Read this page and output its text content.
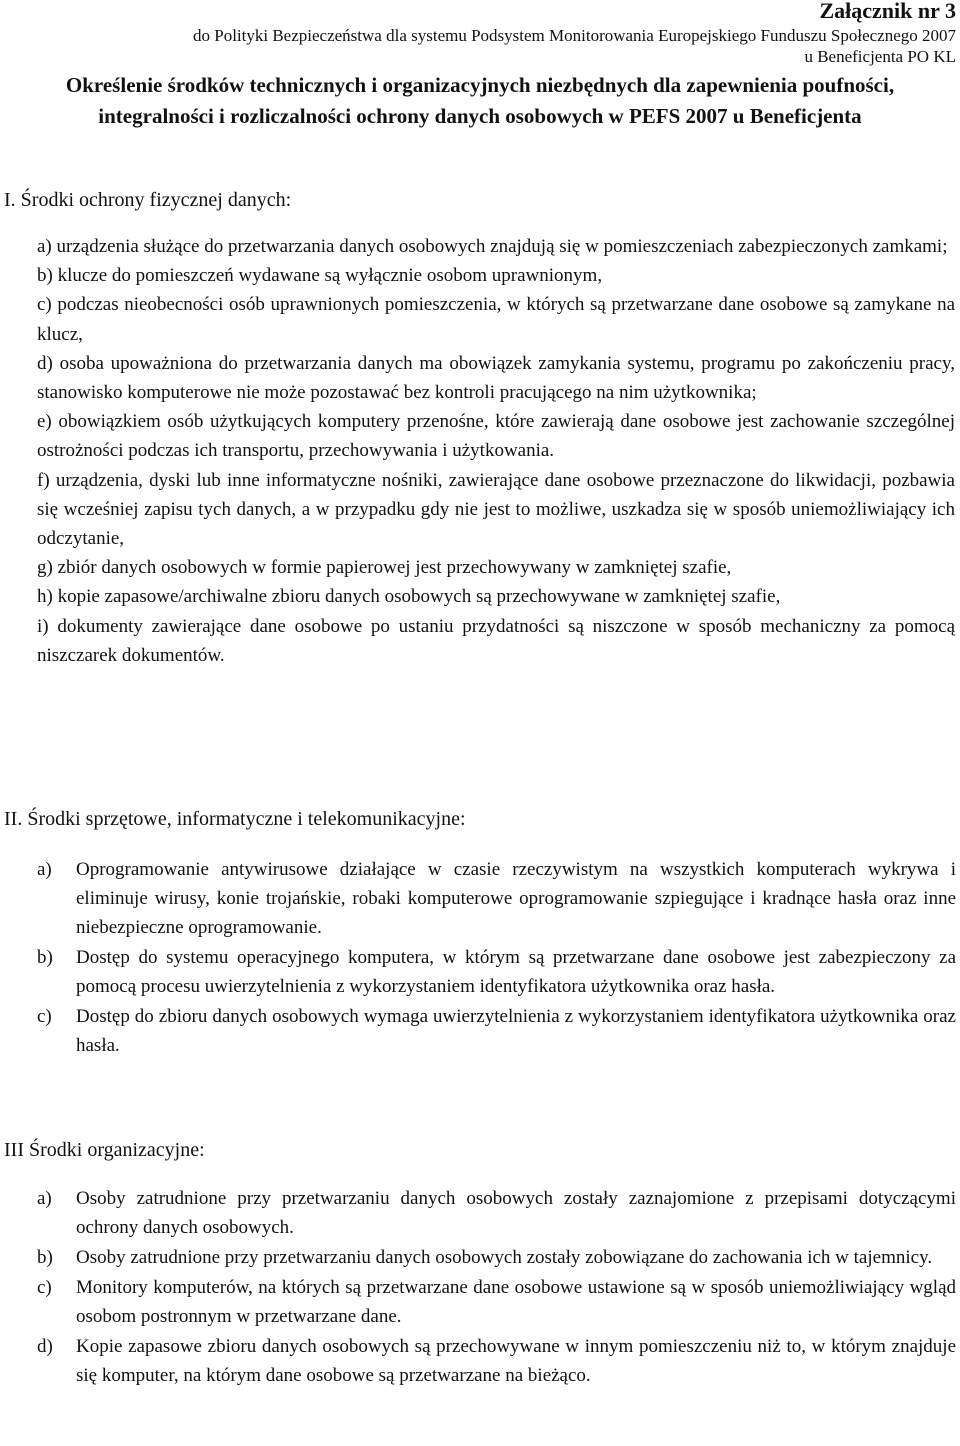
Załącznik nr 3
do Polityki Bezpieczeństwa dla systemu Podsystem Monitorowania Europejskiego Funduszu Społecznego 2007
u Beneficjenta PO KL
Określenie środków technicznych i organizacyjnych niezbędnych dla zapewnienia poufności, integralności i rozliczalności ochrony danych osobowych w PEFS 2007 u Beneficjenta
I. Środki ochrony fizycznej danych:

a) urządzenia służące do przetwarzania danych osobowych znajdują się w pomieszczeniach zabezpieczonych zamkami;

b) klucze do pomieszczeń wydawane są wyłącznie osobom uprawnionym,

c) podczas nieobecności osób uprawnionych pomieszczenia, w których są przetwarzane dane osobowe są zamykane na klucz,

d) osoba upoważniona do przetwarzania danych ma obowiązek zamykania systemu, programu po zakończeniu pracy, stanowisko komputerowe nie może pozostawać bez kontroli pracującego na nim użytkownika;

e) obowiązkiem osób użytkujących komputery przenośne, które zawierają dane osobowe jest zachowanie szczególnej ostrożności podczas ich transportu, przechowywania i użytkowania.

f) urządzenia, dyski lub inne informatyczne nośniki, zawierające dane osobowe przeznaczone do likwidacji, pozbawia się wcześniej zapisu tych danych, a w przypadku gdy nie jest to możliwe, uszkadza się w sposób uniemożliwiający ich odczytanie,

g) zbiór danych osobowych w formie papierowej jest przechowywany w zamkniętej szafie,

h) kopie zapasowe/archiwalne zbioru danych osobowych są przechowywane w zamkniętej szafie,

i) dokumenty zawierające dane osobowe po ustaniu przydatności są niszczone w sposób mechaniczny za pomocą niszczarek dokumentów.

II. Środki sprzętowe, informatyczne i telekomunikacyjne:

a) Oprogramowanie antywirusowe działające w czasie rzeczywistym na wszystkich komputerach wykrywa i eliminuje wirusy, konie trojańskie, robaki komputerowe oprogramowanie szpiegujące i kradnące hasła oraz inne niebezpieczne oprogramowanie.

b) Dostęp do systemu operacyjnego komputera, w którym są przetwarzane dane osobowe jest zabezpieczony za pomocą procesu uwierzytelnienia z wykorzystaniem identyfikatora użytkownika oraz hasła.

c) Dostęp do zbioru danych osobowych wymaga uwierzytelnienia z wykorzystaniem identyfikatora użytkownika oraz hasła.

III Środki organizacyjne:

a) Osoby zatrudnione przy przetwarzaniu danych osobowych zostały zaznajomione z przepisami dotyczącymi ochrony danych osobowych.

b) Osoby zatrudnione przy przetwarzaniu danych osobowych zostały zobowiązane do zachowania ich w tajemnicy.

c) Monitory komputerów, na których są przetwarzane dane osobowe ustawione są w sposób uniemożliwiający wgląd osobom postronnym w przetwarzane dane.

d) Kopie zapasowe zbioru danych osobowych są przechowywane w innym pomieszczeniu niż to, w którym znajduje się komputer, na którym dane osobowe są przetwarzane na bieżąco.
